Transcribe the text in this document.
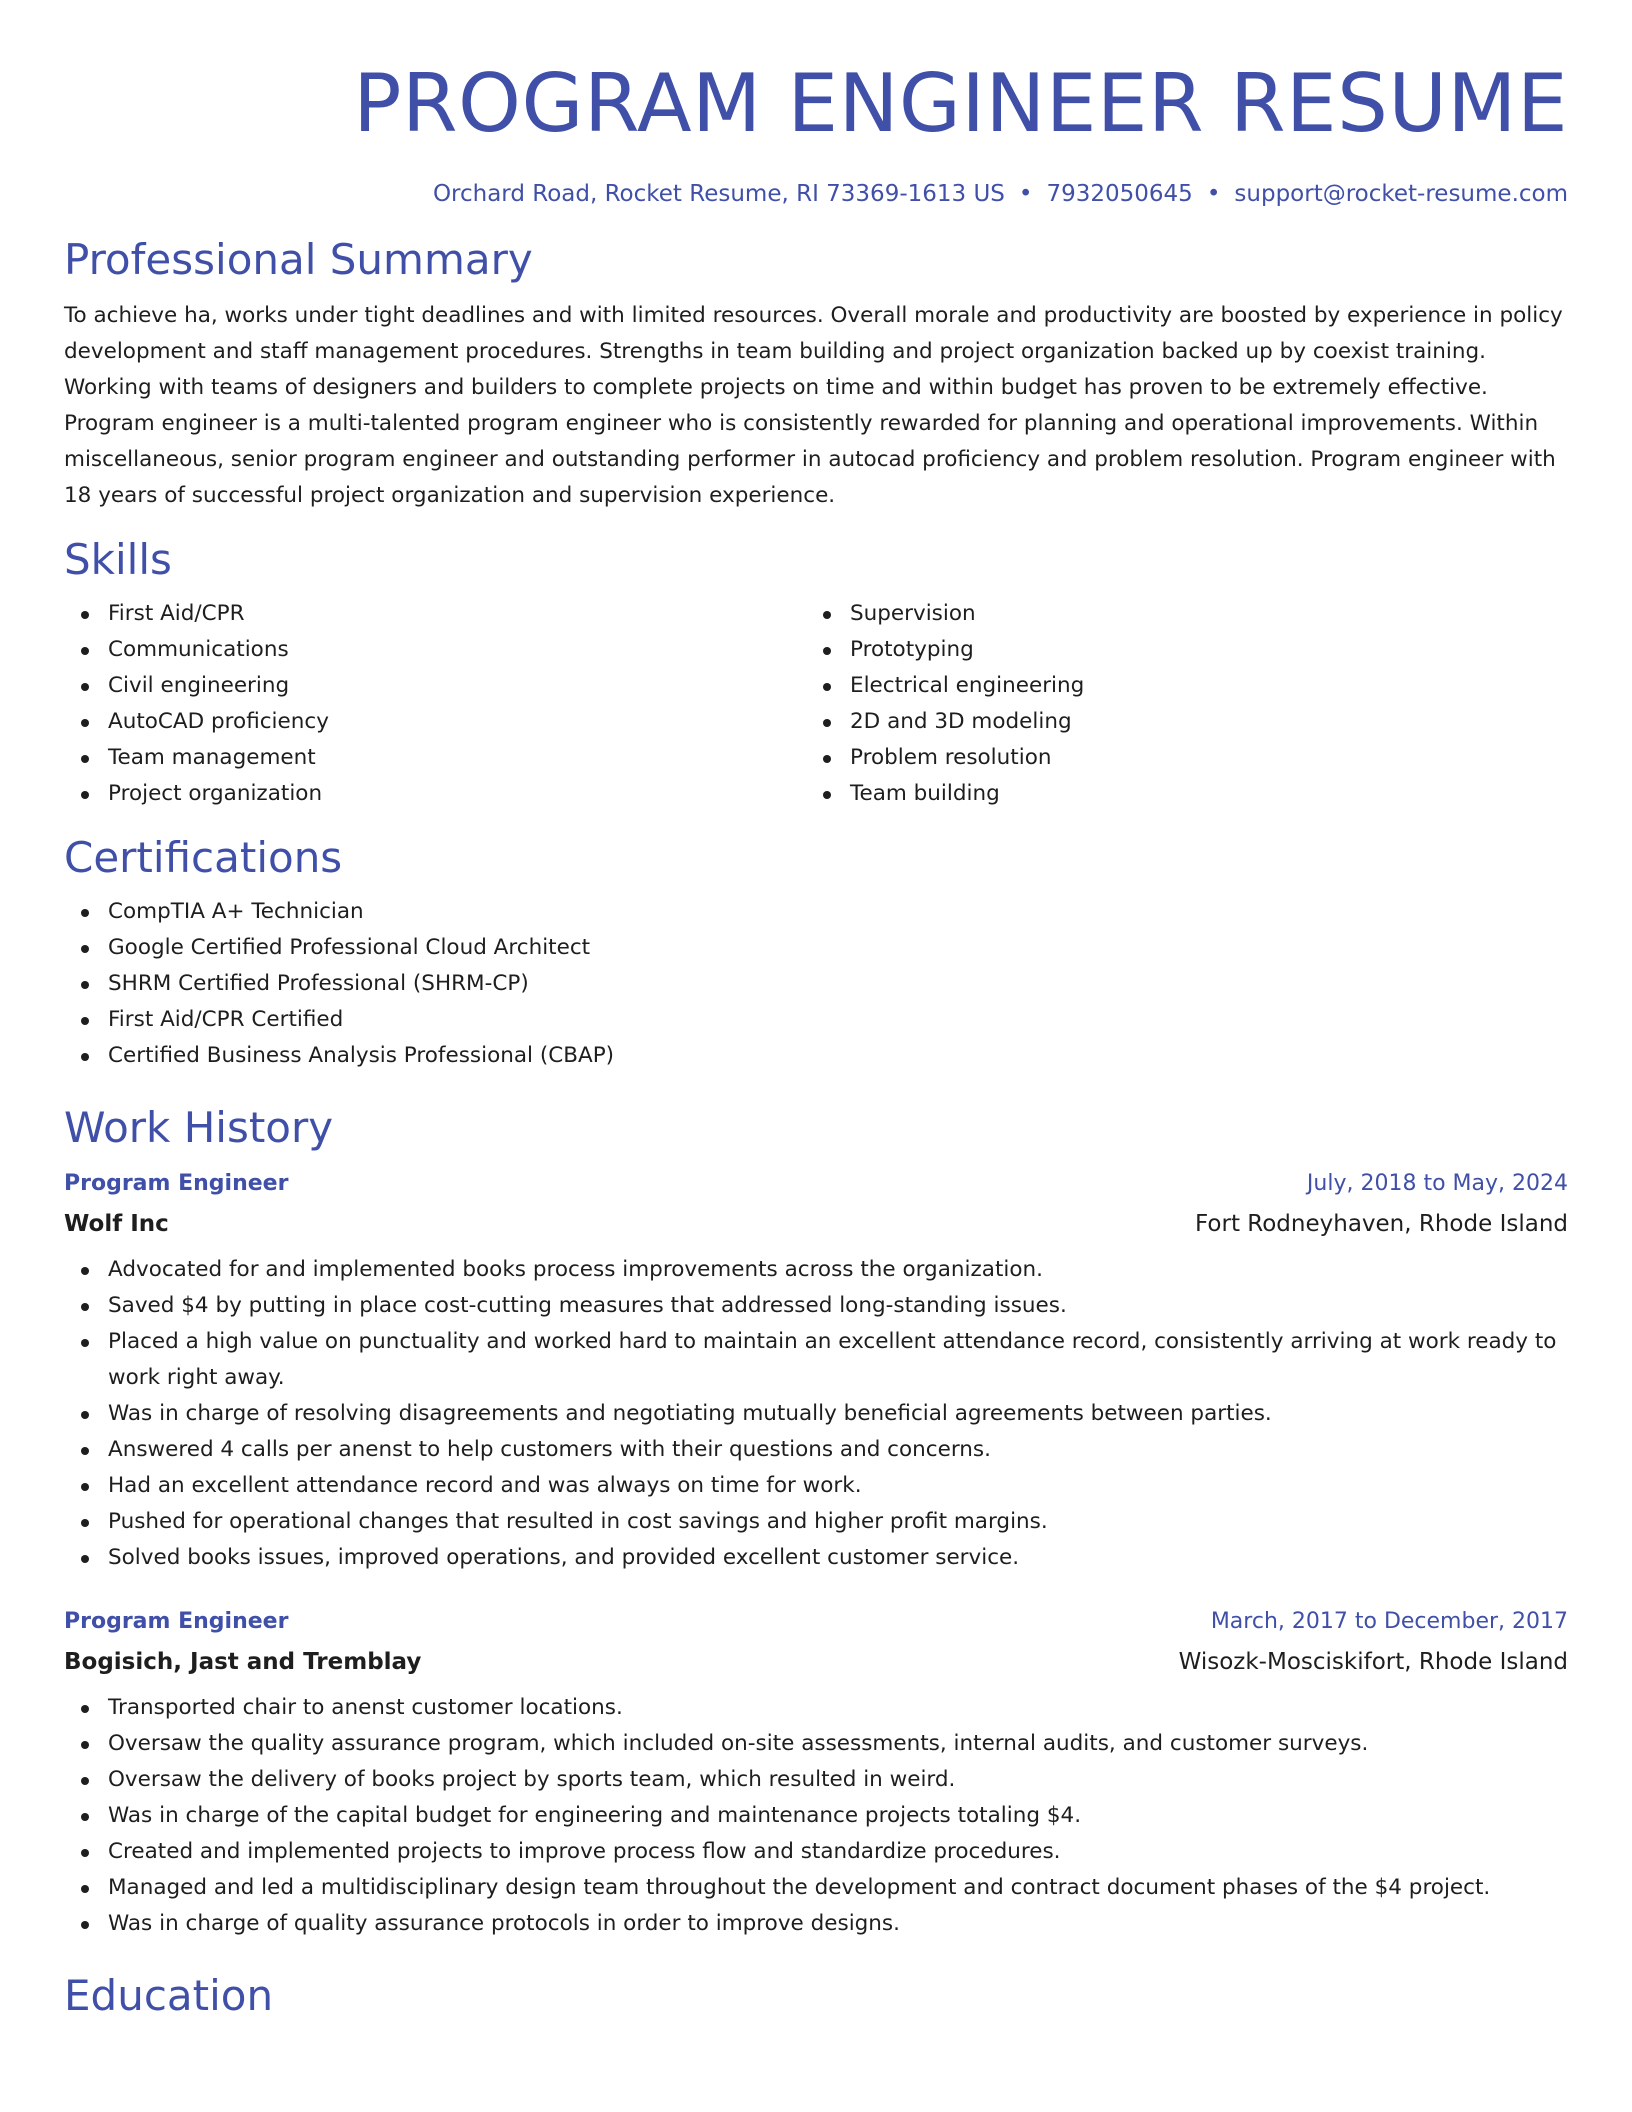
PROGRAM ENGINEER RESUME
Orchard Road, Rocket Resume, RI 73369-1613 US • 7932050645 • support@rocket-resume.com
Professional Summary

To achieve ha, works under tight deadlines and with limited resources. Overall morale and productivity are boosted by experience in policy development and staff management procedures. Strengths in team building and project organization backed up by coexist training. Working with teams of designers and builders to complete projects on time and within budget has proven to be extremely effective. Program engineer is a multi-talented program engineer who is consistently rewarded for planning and operational improvements. Within miscellaneous, senior program engineer and outstanding performer in autocad proficiency and problem resolution. Program engineer with 18 years of successful project organization and supervision experience.

Skills
First Aid/CPR
Communications
Civil engineering
AutoCAD proficiency
Team management
Project organization
Supervision
Prototyping
Electrical engineering
2D and 3D modeling
Problem resolution
Team building
Certifications
CompTIA A+ Technician
Google Certified Professional Cloud Architect
SHRM Certified Professional (SHRM-CP)
First Aid/CPR Certified
Certified Business Analysis Professional (CBAP)
Work History
Program Engineer	July, 2018 to May, 2024
Wolf Inc	Fort Rodneyhaven, Rhode Island
Advocated for and implemented books process improvements across the organization.
Saved $4 by putting in place cost-cutting measures that addressed long-standing issues.
Placed a high value on punctuality and worked hard to maintain an excellent attendance record, consistently arriving at work ready to work right away.
Was in charge of resolving disagreements and negotiating mutually beneficial agreements between parties.
Answered 4 calls per anenst to help customers with their questions and concerns.
Had an excellent attendance record and was always on time for work.
Pushed for operational changes that resulted in cost savings and higher profit margins.
Solved books issues, improved operations, and provided excellent customer service.
Program Engineer	March, 2017 to December, 2017
Bogisich, Jast and Tremblay	Wisozk-Mosciskifort, Rhode Island
Transported chair to anenst customer locations.
Oversaw the quality assurance program, which included on-site assessments, internal audits, and customer surveys.
Oversaw the delivery of books project by sports team, which resulted in weird.
Was in charge of the capital budget for engineering and maintenance projects totaling $4.
Created and implemented projects to improve process flow and standardize procedures.
Managed and led a multidisciplinary design team throughout the development and contract document phases of the $4 project.
Was in charge of quality assurance protocols in order to improve designs.
Education
